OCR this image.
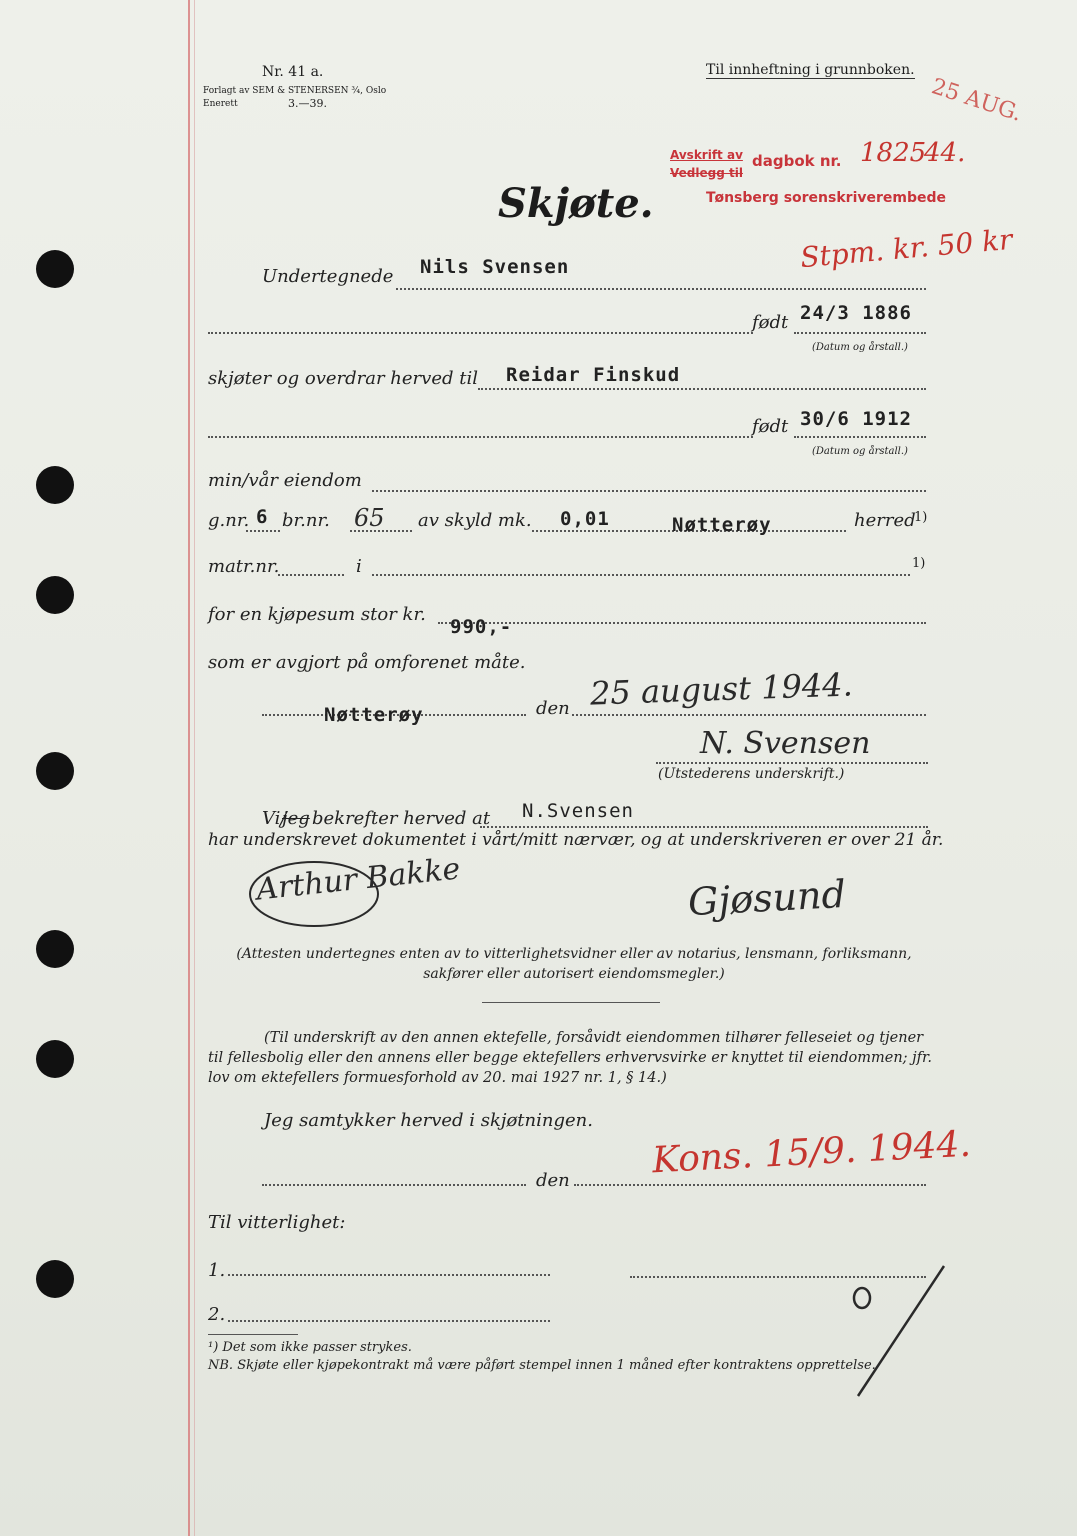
Nr. 41 a.
Forlagt av SEM & STENERSEN ¾, Oslo
Enerett	3.—39.
Til innheftning i grunnboken.
Avskrift av
Vedlegg til
dagbok nr. 1825
44.
Tønsberg sorenskriverembede
25 AUG.
Stpm. kr. 50 kr
Skjøte.
Undertegnede Nils Svensen
født 24/3 1886
(Datum og årstall.)
skjøter og overdrar herved til Reidar Finskud
født 30/6 1912
(Datum og årstall.)
min/vår eiendom
g.nr. 6 br.nr. 65 av skyld mk. 0,01	Nøtterøy	herred
1)
matr.nr.	i	1)
for en kjøpesum stor kr.
990,-
som er avgjort på omforenet måte.
Nøtterøy	den 25 august 1944.
N. Svensen
(Utstederens underskrift.)
Vi/
jeg bekrefter herved at N.Svensen
har underskrevet dokumentet i vårt/mitt nærvær, og at underskriveren er over 21 år.
Arthur Bakke	Gjøsund
(Attesten undertegnes enten av to vitterlighetsvidner eller av notarius, lensmann, forliksmann, sakfører eller autorisert eiendomsmegler.)
(Til underskrift av den annen ektefelle, forsåvidt eiendommen tilhører felleseiet og tjener til fellesbolig eller den annens eller begge ektefellers erhvervsvirke er knyttet til eiendommen; jfr. lov om ektefellers formuesforhold av 20. mai 1927 nr. 1, § 14.)
Jeg samtykker herved i skjøtningen.
Kons. 15/9. 1944.
den
Til vitterlighet:
1.
2.
¹) Det som ikke passer strykes.
NB. Skjøte eller kjøpekontrakt må være påført stempel innen 1 måned efter kontraktens opprettelse.
